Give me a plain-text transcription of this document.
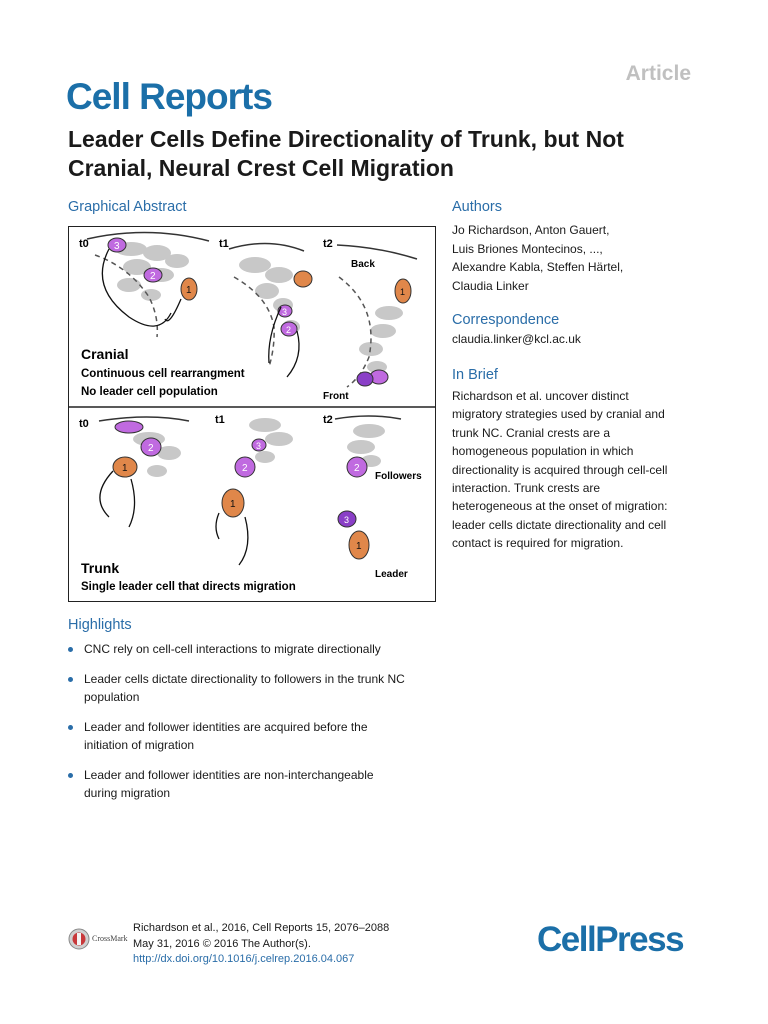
Article
Cell Reports
Leader Cells Define Directionality of Trunk, but Not Cranial, Neural Crest Cell Migration
Graphical Abstract
t0	3
2
1
t1
3
2
t2
Back
1
Front
Cranial
Continuous cell rearrangment
No leader cell population
t0
2
1
t1
3
2
1
t2
2
Followers
3
1
Leader
Trunk
Single leader cell that directs migration
Authors
Jo Richardson, Anton Gauert,
Luis Briones Montecinos, ...,
Alexandre Kabla, Steffen Härtel,
Claudia Linker
Correspondence
claudia.linker@kcl.ac.uk
In Brief
Richardson et al. uncover distinct
migratory strategies used by cranial and
trunk NC. Cranial crests are a
homogeneous population in which
directionality is acquired through cell-cell
interaction. Trunk crests are
heterogeneous at the onset of migration:
leader cells dictate directionality and cell
contact is required for migration.
Highlights
CNC rely on cell-cell interactions to migrate directionally
Leader cells dictate directionality to followers in the trunk NC
population
Leader and follower identities are acquired before the
initiation of migration
Leader and follower identities are non-interchangeable
during migration
CrossMark
Richardson et al., 2016, Cell Reports 15, 2076–2088
May 31, 2016 © 2016 The Author(s).
http://dx.doi.org/10.1016/j.celrep.2016.04.067	CellPress
